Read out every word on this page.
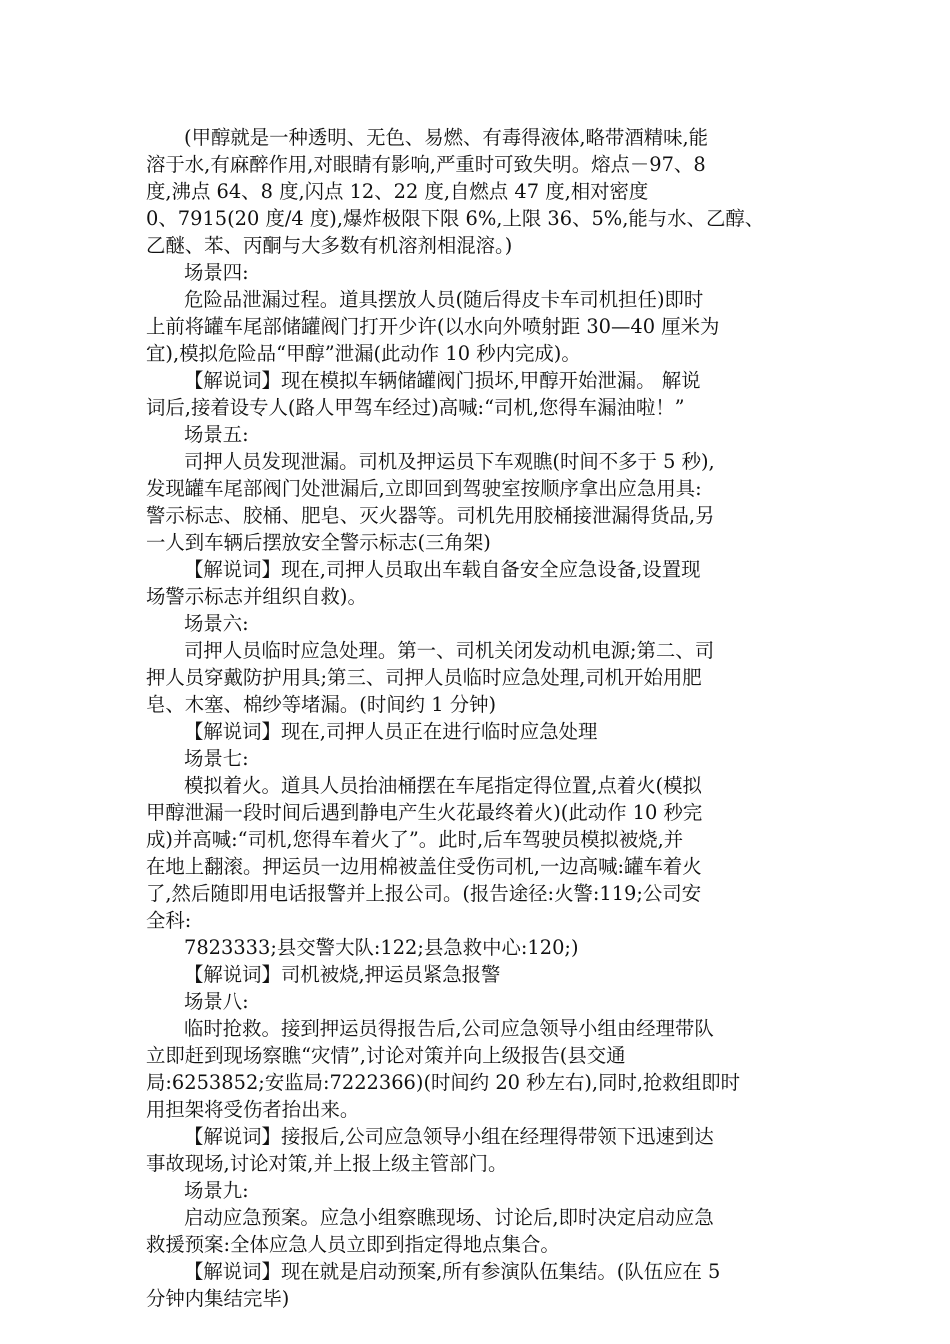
(甲醇就是一种透明、无色、易燃、有毒得液体,略带酒精味,能
溶于水,有麻醉作用,对眼睛有影响,严重时可致失明。熔点－97、8
度,沸点 64、8 度,闪点 12、22 度,自燃点 47 度,相对密度
0、7915(20 度/4 度),爆炸极限下限 6%,上限 36、5%,能与水、乙醇、
乙醚、苯、丙酮与大多数有机溶剂相混溶。)
场景四:
危险品泄漏过程。道具摆放人员(随后得皮卡车司机担任)即时
上前将罐车尾部储罐阀门打开少许(以水向外喷射距 30—40 厘米为
宜),模拟危险品“甲醇”泄漏(此动作 10 秒内完成)。
【解说词】现在模拟车辆储罐阀门损坏,甲醇开始泄漏。 解说
词后,接着设专人(路人甲驾车经过)高喊:“司机,您得车漏油啦！”
场景五:
司押人员发现泄漏。司机及押运员下车观瞧(时间不多于 5 秒),
发现罐车尾部阀门处泄漏后,立即回到驾驶室按顺序拿出应急用具:
警示标志、胶桶、肥皂、灭火器等。司机先用胶桶接泄漏得货品,另
一人到车辆后摆放安全警示标志(三角架)
【解说词】现在,司押人员取出车载自备安全应急设备,设置现
场警示标志并组织自救)。
场景六:
司押人员临时应急处理。第一、司机关闭发动机电源;第二、司
押人员穿戴防护用具;第三、司押人员临时应急处理,司机开始用肥
皂、木塞、棉纱等堵漏。(时间约 1 分钟)
【解说词】现在,司押人员正在进行临时应急处理
场景七:
模拟着火。道具人员抬油桶摆在车尾指定得位置,点着火(模拟
甲醇泄漏一段时间后遇到静电产生火花最终着火)(此动作 10 秒完
成)并高喊:“司机,您得车着火了”。此时,后车驾驶员模拟被烧,并
在地上翻滚。押运员一边用棉被盖住受伤司机,一边高喊:罐车着火
了,然后随即用电话报警并上报公司。(报告途径:火警:119;公司安
全科:
7823333;县交警大队:122;县急救中心:120;)
【解说词】司机被烧,押运员紧急报警
场景八:
临时抢救。接到押运员得报告后,公司应急领导小组由经理带队
立即赶到现场察瞧“灾情”,讨论对策并向上级报告(县交通
局:6253852;安监局:7222366)(时间约 20 秒左右),同时,抢救组即时
用担架将受伤者抬出来。
【解说词】接报后,公司应急领导小组在经理得带领下迅速到达
事故现场,讨论对策,并上报上级主管部门。
场景九:
启动应急预案。应急小组察瞧现场、讨论后,即时决定启动应急
救援预案:全体应急人员立即到指定得地点集合。
【解说词】现在就是启动预案,所有参演队伍集结。(队伍应在 5
分钟内集结完毕)
